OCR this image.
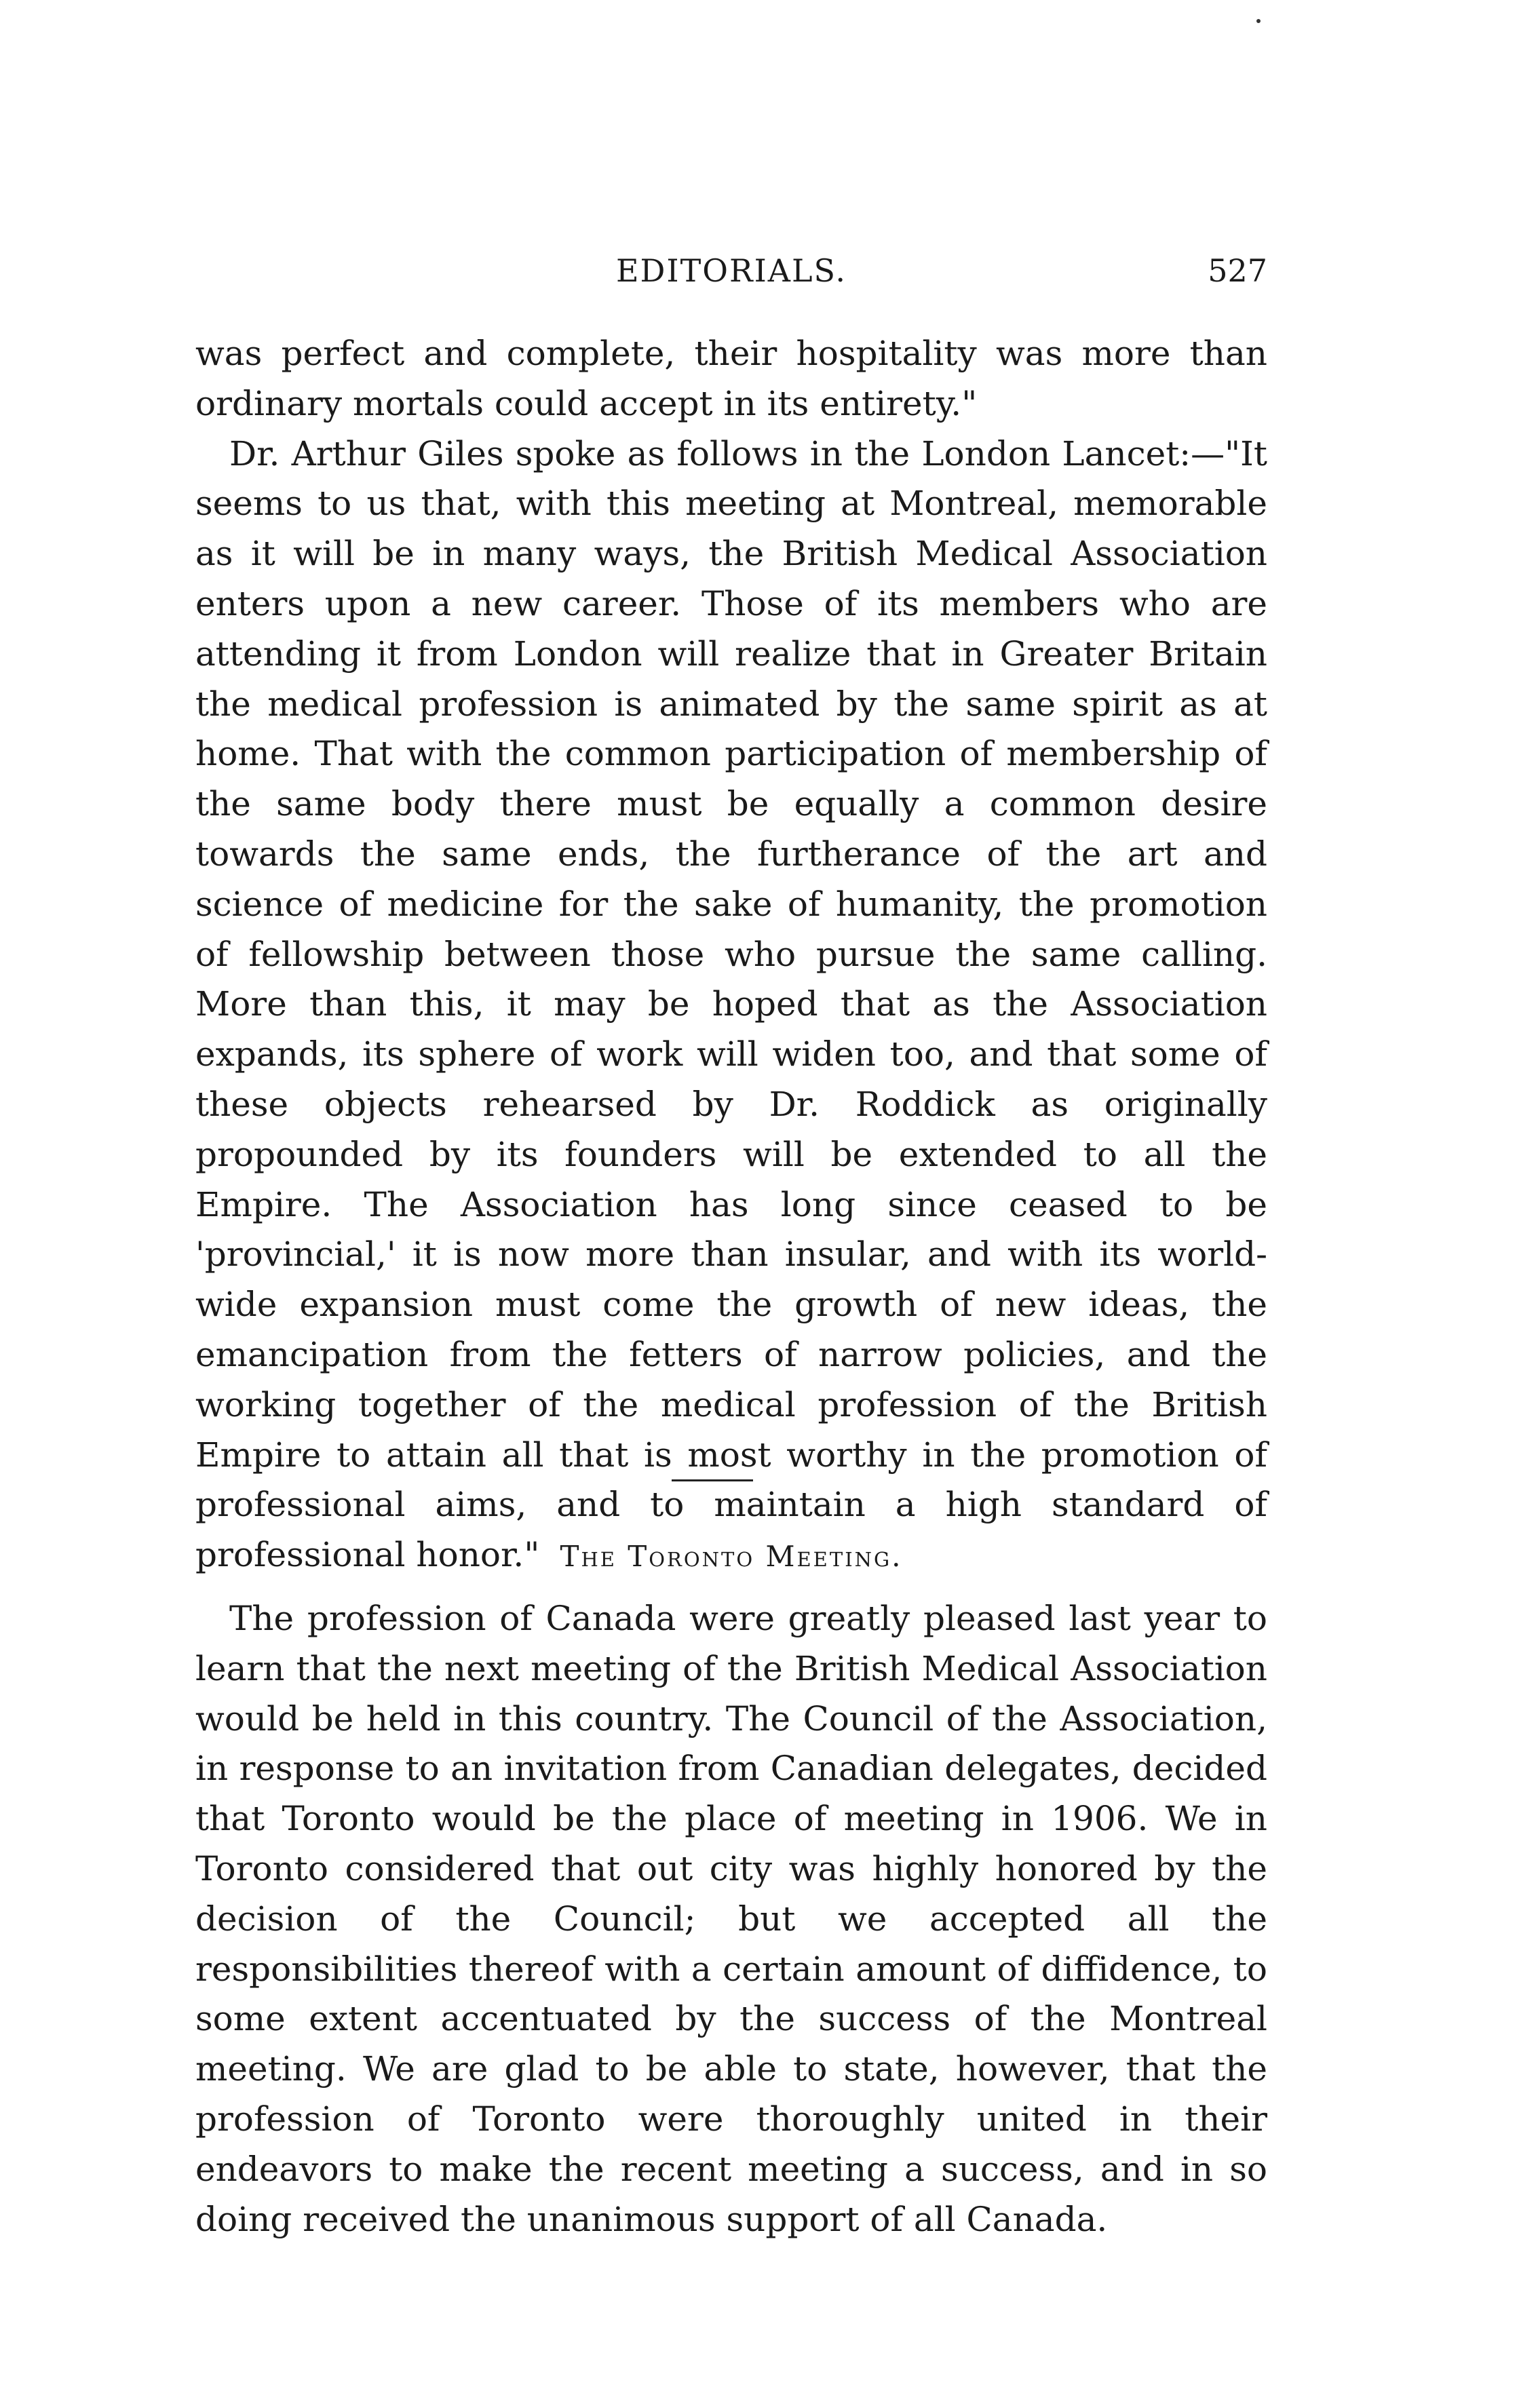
EDITORIALS.	527

was perfect and complete, their hospitality was more than ordinary mortals could accept in its entirety."

Dr. Arthur Giles spoke as follows in the London Lancet:—"It seems to us that, with this meeting at Montreal, memorable as it will be in many ways, the British Medical Association enters upon a new career. Those of its members who are attending it from London will realize that in Greater Britain the medical profession is animated by the same spirit as at home. That with the common participation of membership of the same body there must be equally a common desire towards the same ends, the furtherance of the art and science of medicine for the sake of humanity, the promotion of fellowship between those who pursue the same calling. More than this, it may be hoped that as the Association expands, its sphere of work will widen too, and that some of these objects rehearsed by Dr. Roddick as originally propounded by its founders will be extended to all the Empire. The Association has long since ceased to be 'provincial,' it is now more than insular, and with its world-wide expansion must come the growth of new ideas, the emancipation from the fetters of narrow policies, and the working together of the medical profession of the British Empire to attain all that is most worthy in the promotion of professional aims, and to maintain a high standard of professional honor." The Toronto Meeting.

The profession of Canada were greatly pleased last year to learn that the next meeting of the British Medical Association would be held in this country. The Council of the Association, in response to an invitation from Canadian delegates, decided that Toronto would be the place of meeting in 1906. We in Toronto considered that out city was highly honored by the decision of the Council; but we accepted all the responsibilities thereof with a certain amount of diffidence, to some extent accentuated by the success of the Montreal meeting. We are glad to be able to state, however, that the profession of Toronto were thoroughly united in their endeavors to make the recent meeting a success, and in so doing received the unanimous support of all Canada.
